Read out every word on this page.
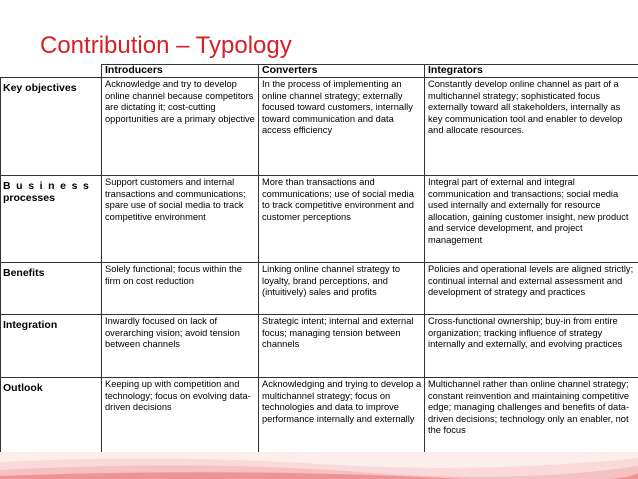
Contribution – Typology
	Introducers	Converters	Integrators
Key objectives	Acknowledge and try to develop online channel because competitors are dictating it; cost-cutting opportunities are a primary objective	In the process of implementing an online channel strategy; externally focused toward customers, internally toward communication and data access efficiency	Constantly develop online channel as part of a multichannel strategy; sophisticated focus externally toward all stakeholders, internally as key communication tool and enabler to develop and allocate resources.

Business
processes	Support customers and internal transactions and communications; spare use of social media to track competitive environment	More than transactions and communications; use of social media to track competitive environment and customer perceptions	Integral part of external and integral communication and transactions; social media used internally and externally for resource allocation, gaining customer insight, new product and service development, and project management
Benefits	Solely functional; focus within the firm on cost reduction	Linking online channel strategy to loyalty, brand perceptions, and (intuitively) sales and profits	Policies and operational levels are aligned strictly; continual internal and external assessment and development of strategy and practices
Integration	Inwardly focused on lack of overarching vision; avoid tension between channels	Strategic intent; internal and external focus; managing tension between channels	Cross-functional ownership; buy-in from entire organization; tracking influence of strategy internally and externally, and evolving practices
Outlook	Keeping up with competition and technology; focus on evolving data-driven decisions	Acknowledging and trying to develop a multichannel strategy; focus on technologies and data to improve performance internally and externally	Multichannel rather than online channel strategy; constant reinvention and maintaining competitive edge; managing challenges and benefits of data-driven decisions; technology only an enabler, not the focus
